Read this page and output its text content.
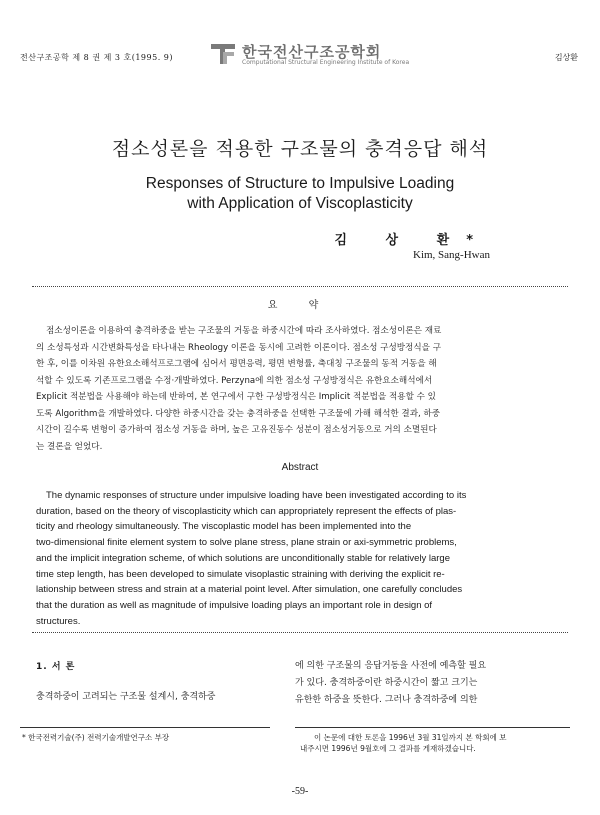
전산구조공학 제 8 권 제 3 호(1995. 9)	한국전산구조공학회
Computational Structural Engineering Institute of Korea
김상환
점소성론을 적용한 구조물의 충격응답 해석
Responses of Structure to Impulsive Loading
with Application of Viscoplasticity
김 상 환*
Kim, Sang-Hwan
요 약
점소성이론을 이용하여 충격하중을 받는 구조물의 거동을 하중시간에 따라 조사하였다. 점소성이론은 재료
의 소성특성과 시간변화특성을 타나내는 Rheology 이론을 동시에 고려한 이론이다. 점소성 구성방정식을 구
한 후, 이를 이차원 유한요소해석프로그램에 심어서 평면응력, 평면 변형률, 축대칭 구조물의 동적 거동을 해
석할 수 있도록 기존프로그램을 수정·개발하였다. Perzyna에 의한 점소성 구성방정식은 유한요소해석에서
Explicit 적분법을 사용해야 하는데 반하여, 본 연구에서 구한 구성방정식은 Implicit 적분법을 적용할 수 있
도록 Algorithm을 개발하였다. 다양한 하중시간을 갖는 충격하중을 선택한 구조물에 가해 해석한 결과, 하중
시간이 길수록 변형이 증가하여 점소성 거동을 하며, 높은 고유진동수 성분이 점소성거동으로 거의 소멸된다
는 결론을 얻었다.
Abstract
The dynamic responses of structure under impulsive loading have been investigated according to its
duration, based on the theory of viscoplasticity which can appropriately represent the effects of plas-
ticity and rheology simultaneously. The viscoplastic model has been implemented into the
two-dimensional finite element system to solve plane stress, plane strain or axi-symmetric problems,
and the implicit integration scheme, of which solutions are unconditionally stable for relatively large
time step length, has been developed to simulate visoplastic straining with deriving the explicit re-
lationship between stress and strain at a material point level. After simulation, one carefully concludes
that the duration as well as magnitude of impulsive loading plays an important role in design of
structures.
1. 서 론
충격하중이 고려되는 구조물 설계시, 충격하중
에 의한 구조물의 응답거동을 사전에 예측할 필요
가 있다. 충격하중이란 하중시간이 짧고 크기는
유한한 하중을 뜻한다. 그러나 충격하중에 의한
* 한국전력기술(주) 전력기술개발연구소 부장	이 논문에 대한 토론을 1996년 3월 31일까지 본 학회에 보
내주시면 1996년 9월호에 그 결과를 게재하겠습니다.
-59-
